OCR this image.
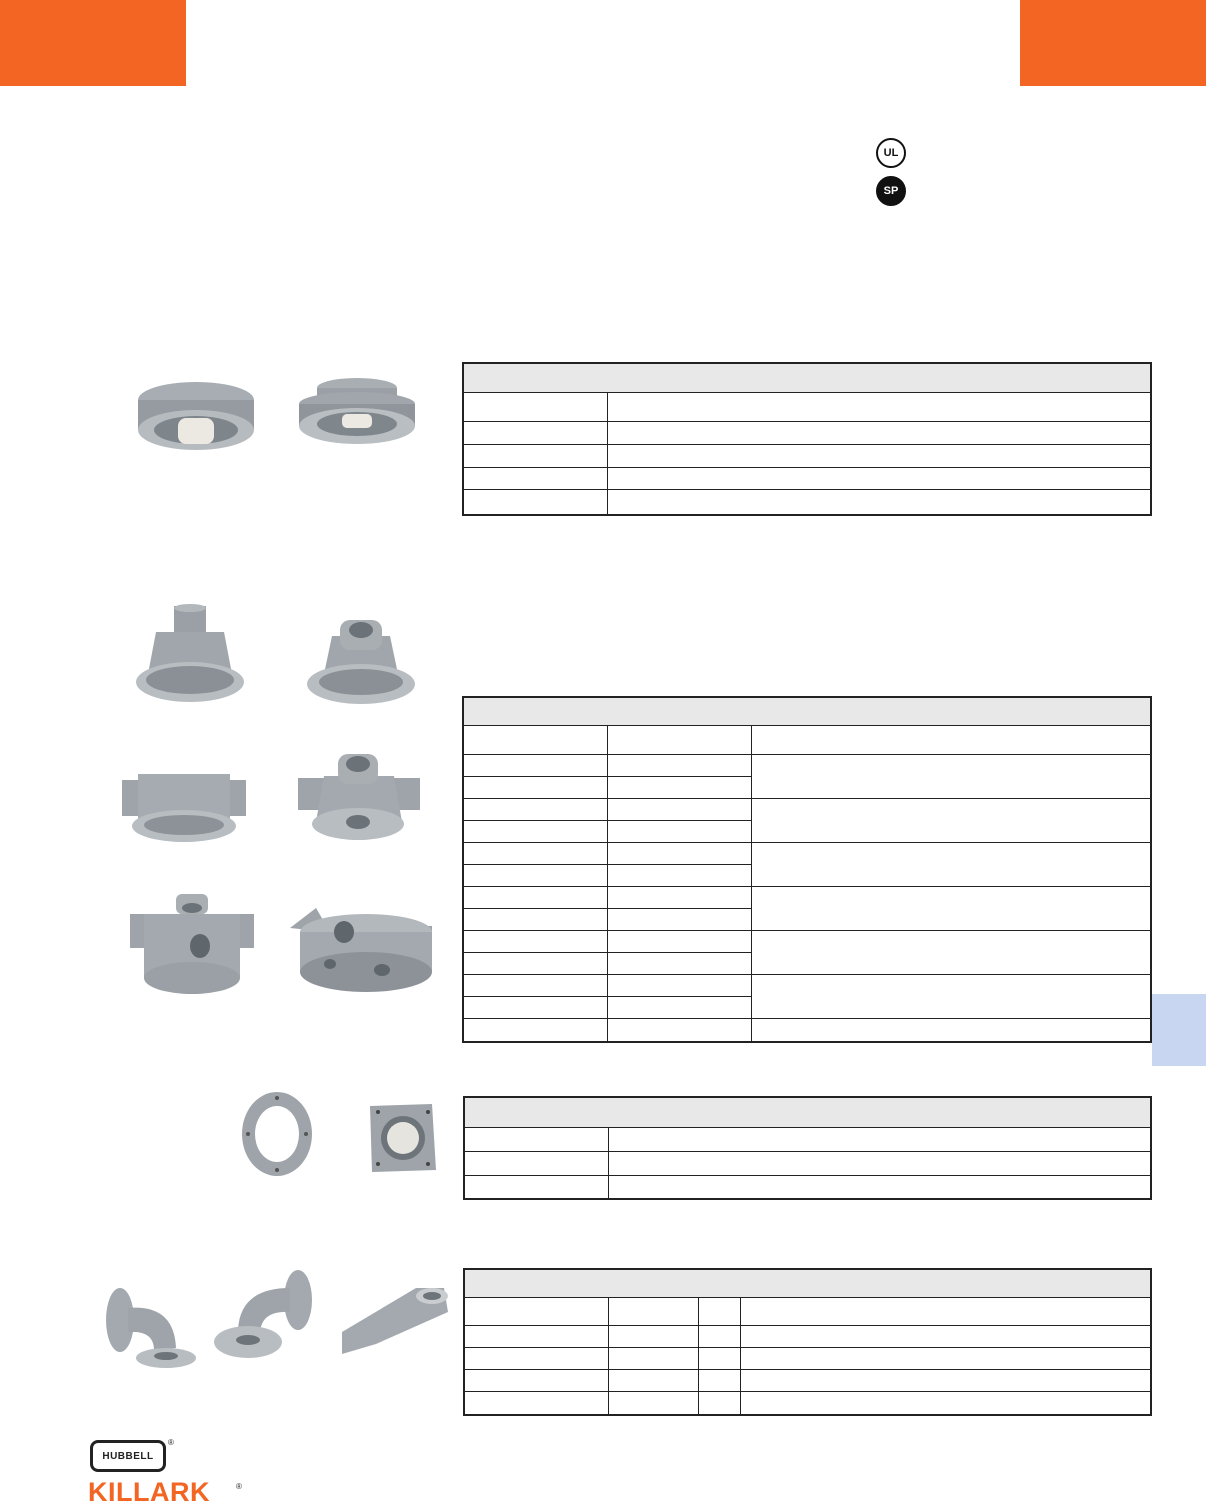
UL
SP

HUBBELL
®
KILLARK	®
